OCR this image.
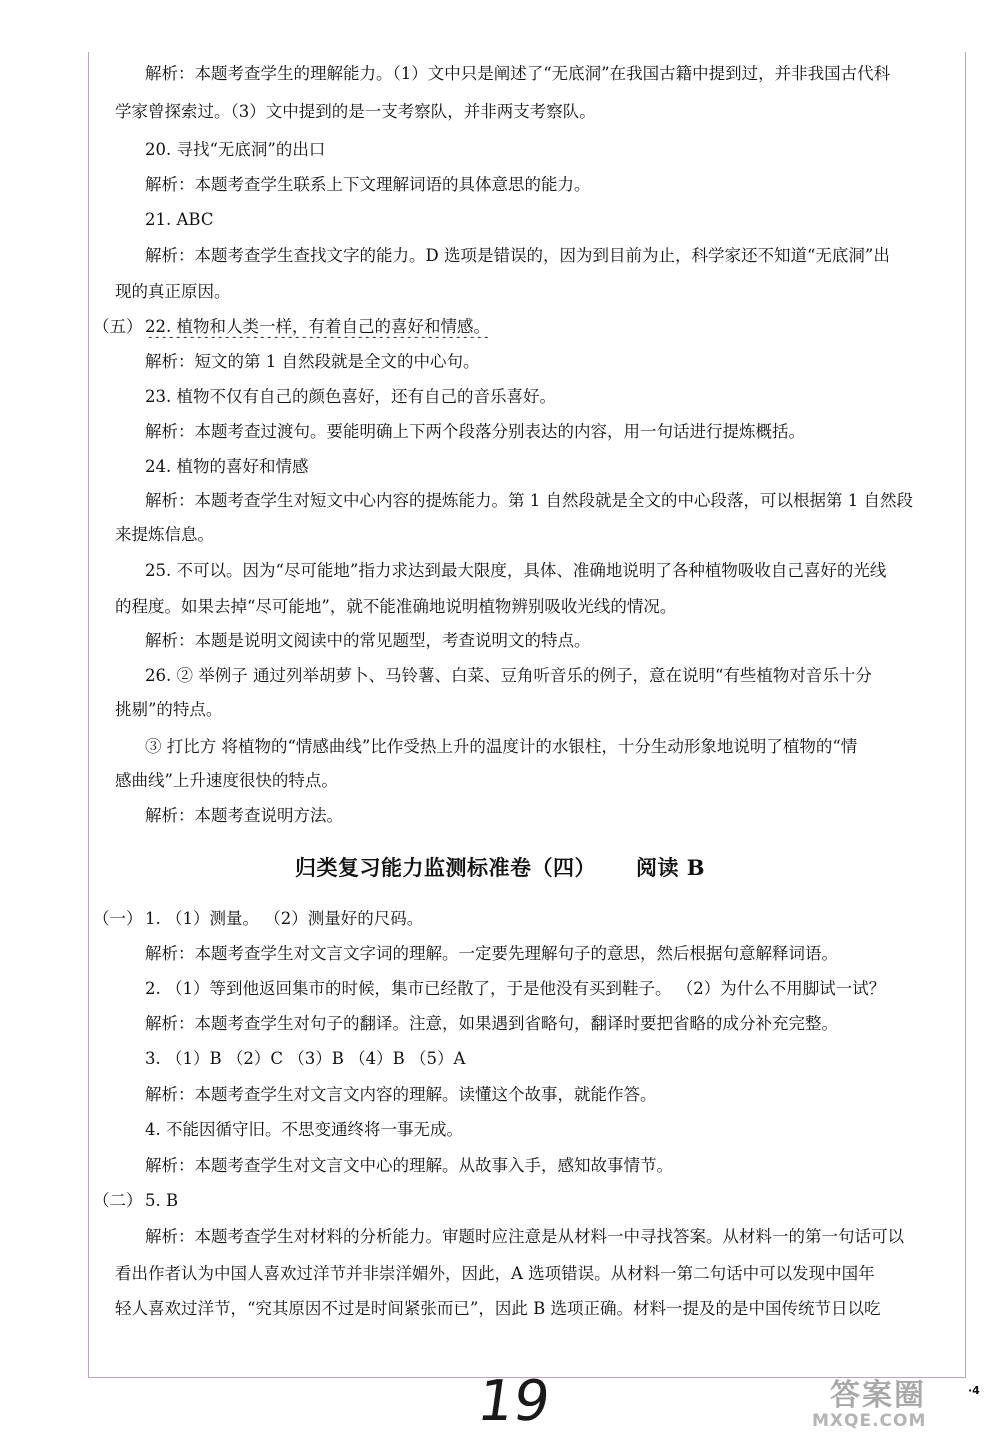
解析：本题考查学生的理解能力。（1）文中只是阐述了“无底洞”在我国古籍中提到过，并非我国古代科
学家曾探索过。（3）文中提到的是一支考察队，并非两支考察队。
20. 寻找“无底洞”的出口
解析：本题考查学生联系上下文理解词语的具体意思的能力。
21. ABC
解析：本题考查学生查找文字的能力。D 选项是错误的，因为到目前为止，科学家还不知道“无底洞”出
现的真正原因。
（五） 22. 植物和人类一样，有着自己的喜好和情感。
解析：短文的第 1 自然段就是全文的中心句。
23. 植物不仅有自己的颜色喜好，还有自己的音乐喜好。
解析：本题考查过渡句。要能明确上下两个段落分别表达的内容，用一句话进行提炼概括。
24. 植物的喜好和情感
解析：本题考查学生对短文中心内容的提炼能力。第 1 自然段就是全文的中心段落，可以根据第 1 自然段
来提炼信息。
25. 不可以。因为“尽可能地”指力求达到最大限度，具体、准确地说明了各种植物吸收自己喜好的光线
的程度。如果去掉“尽可能地”，就不能准确地说明植物辨别吸收光线的情况。
解析：本题是说明文阅读中的常见题型，考查说明文的特点。
26. ② 举例子 通过列举胡萝卜、马铃薯、白菜、豆角听音乐的例子，意在说明“有些植物对音乐十分
挑剔”的特点。
③ 打比方 将植物的“情感曲线”比作受热上升的温度计的水银柱，十分生动形象地说明了植物的“情
感曲线”上升速度很快的特点。
解析：本题考查说明方法。
归类复习能力监测标准卷（四） 阅读 B
（一） 1. （1）测量。 （2）测量好的尺码。
解析：本题考查学生对文言文字词的理解。一定要先理解句子的意思，然后根据句意解释词语。
2. （1）等到他返回集市的时候，集市已经散了，于是他没有买到鞋子。 （2）为什么不用脚试一试？
解析：本题考查学生对句子的翻译。注意，如果遇到省略句，翻译时要把省略的成分补充完整。
3. （1）B （2）C （3）B （4）B （5）A
解析：本题考查学生对文言文内容的理解。读懂这个故事，就能作答。
4. 不能因循守旧。不思变通终将一事无成。
解析：本题考查学生对文言文中心的理解。从故事入手，感知故事情节。
（二） 5. B
解析：本题考查学生对材料的分析能力。审题时应注意是从材料一中寻找答案。从材料一的第一句话可以
看出作者认为中国人喜欢过洋节并非崇洋媚外，因此，A 选项错误。从材料一第二句话中可以发现中国年
轻人喜欢过洋节，“究其原因不过是时间紧张而已”，因此 B 选项正确。材料一提及的是中国传统节日以吃
19	·4
答案圈
MXQE.COM
